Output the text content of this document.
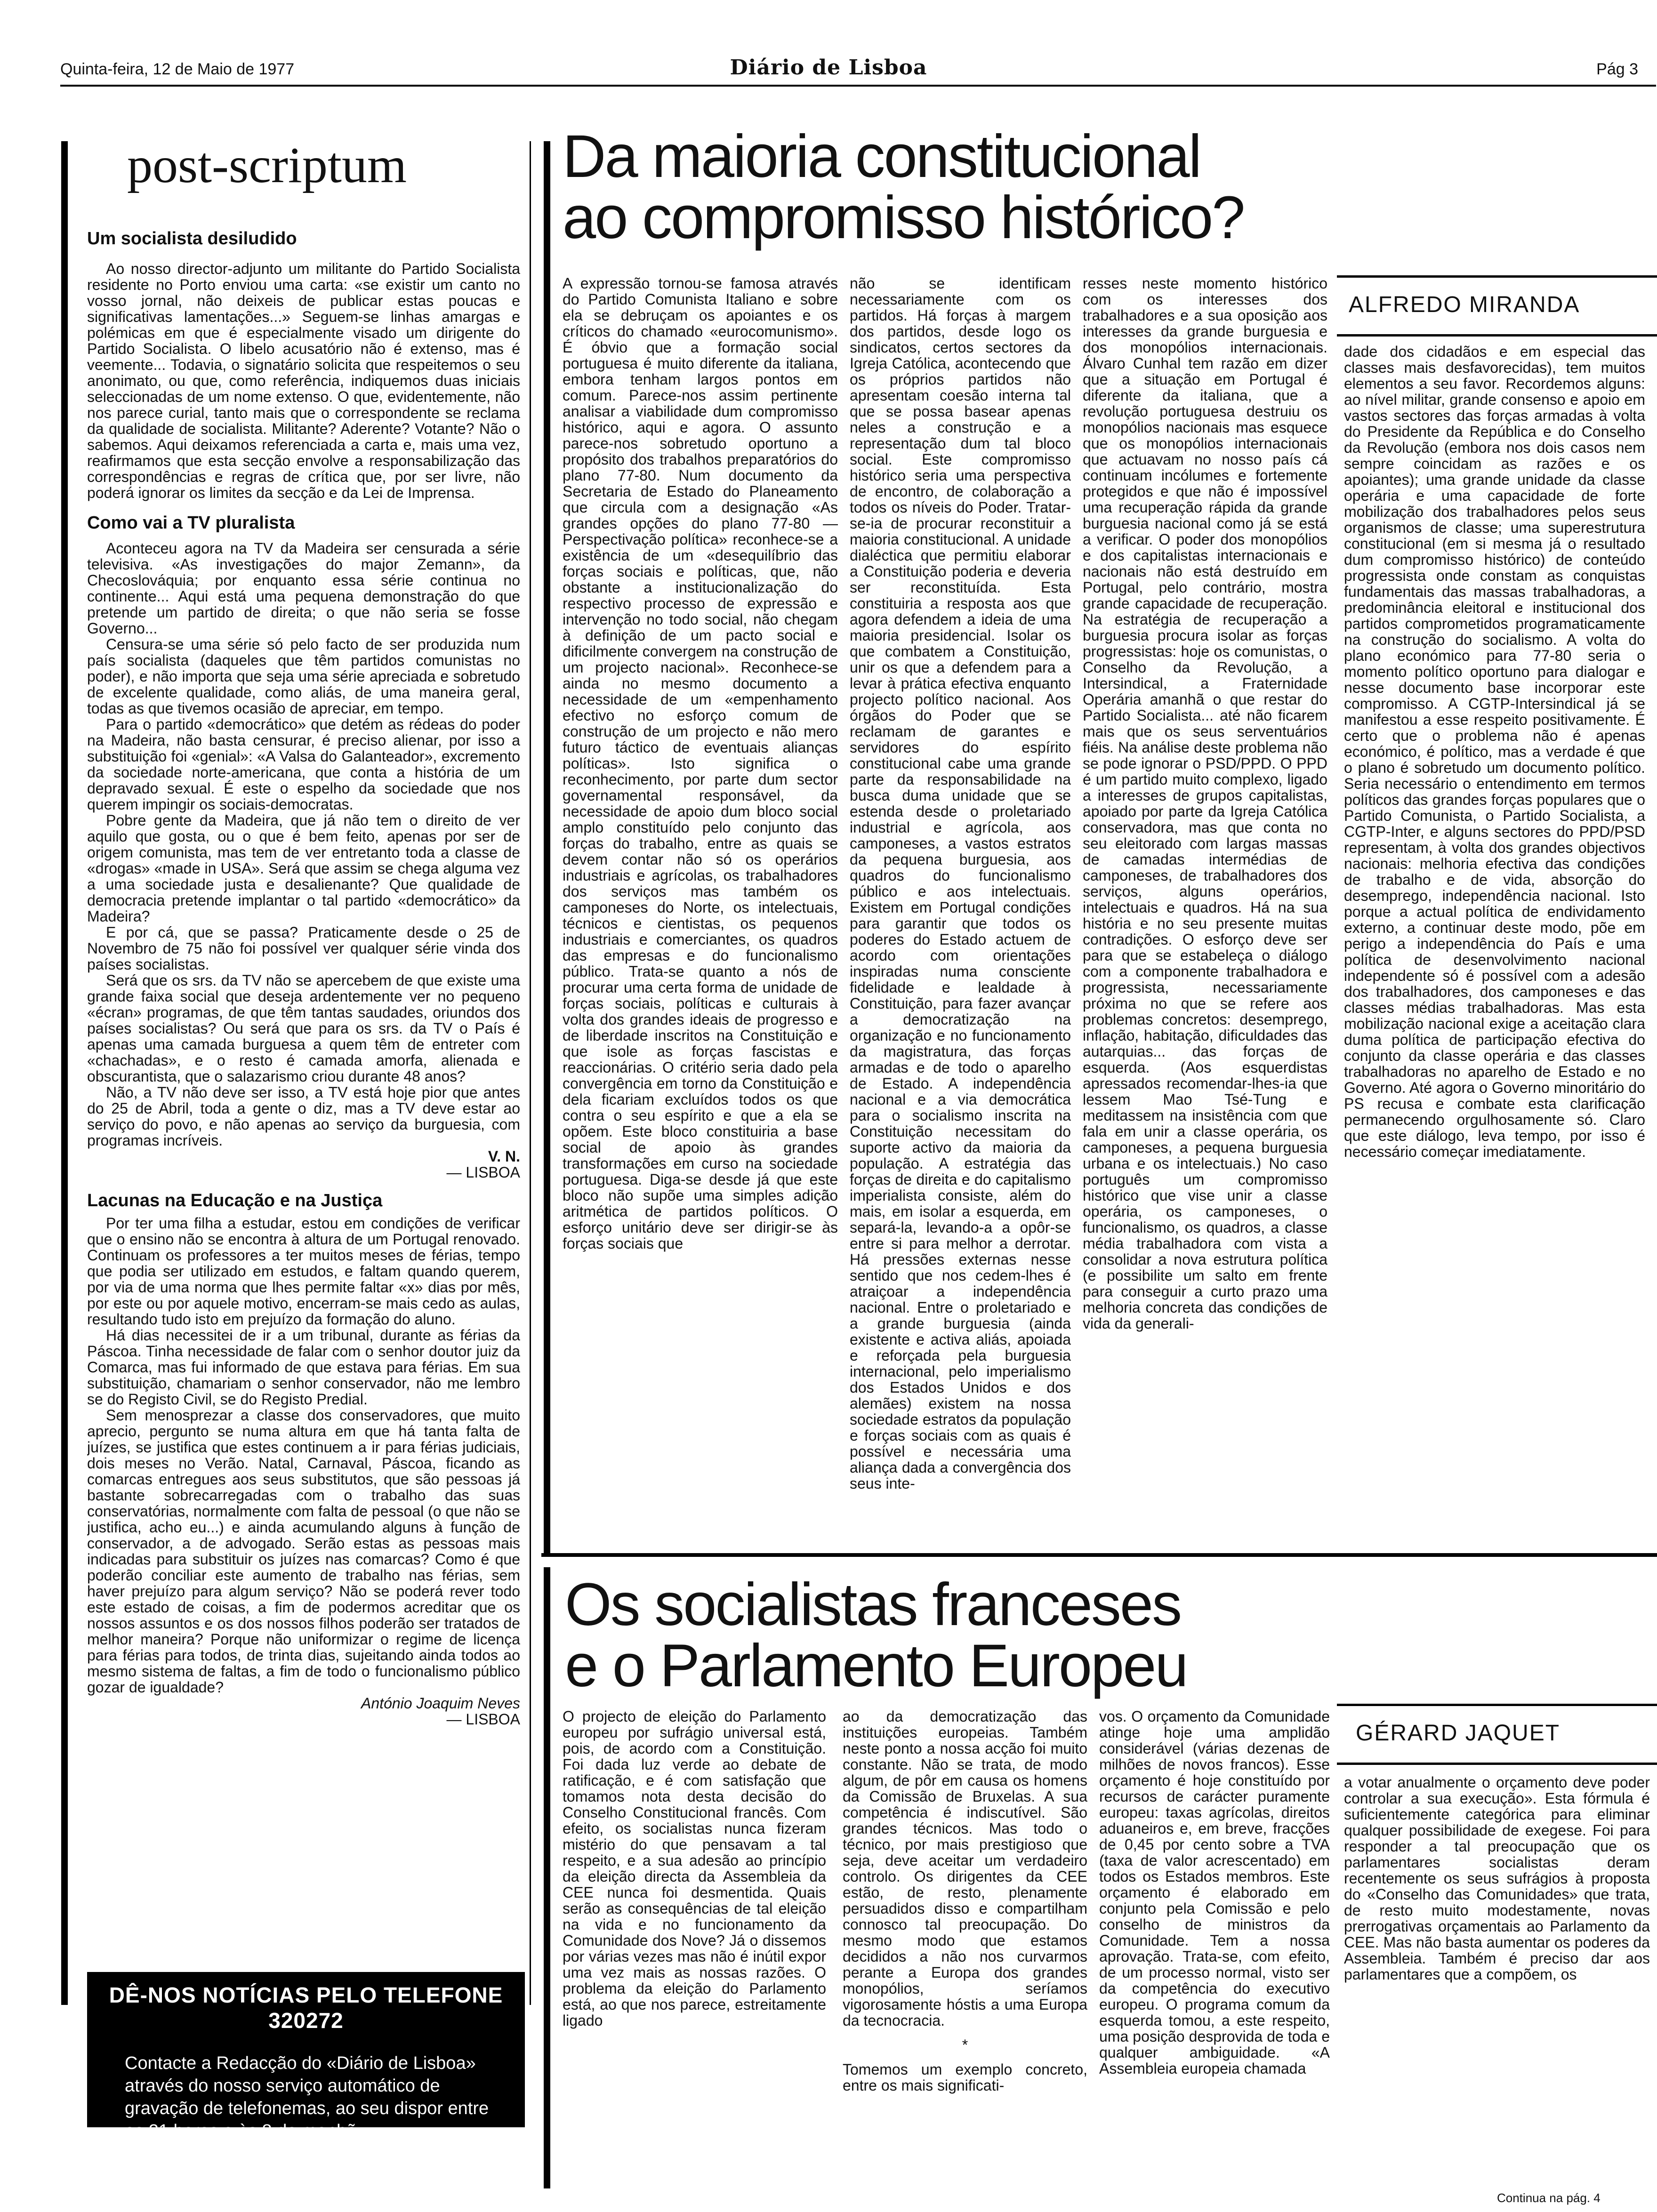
Quinta-feira, 12 de Maio de 1977	Diário de Lisboa	Pág 3
post-scriptum
Um socialista desiludido

Ao nosso director-adjunto um militante do Partido Socialista residente no Porto enviou uma carta: «se existir um canto no vosso jornal, não deixeis de publicar estas poucas e significativas lamentações...» Seguem-se linhas amargas e polémicas em que é especialmente visado um dirigente do Partido Socialista. O libelo acusatório não é extenso, mas é veemente... Todavia, o signatário solicita que respeitemos o seu anonimato, ou que, como referência, indiquemos duas iniciais seleccionadas de um nome extenso. O que, evidentemente, não nos parece curial, tanto mais que o correspondente se reclama da qualidade de socialista. Militante? Aderente? Votante? Não o sabemos. Aqui deixamos referenciada a carta e, mais uma vez, reafirmamos que esta secção envolve a responsabilização das correspondências e regras de crítica que, por ser livre, não poderá ignorar os limites da secção e da Lei de Imprensa.

Como vai a TV pluralista

Aconteceu agora na TV da Madeira ser censurada a série televisiva. «As investigações do major Zemann», da Checoslováquia; por enquanto essa série continua no continente... Aqui está uma pequena demonstração do que pretende um partido de direita; o que não seria se fosse Governo...

Censura-se uma série só pelo facto de ser produzida num país socialista (daqueles que têm partidos comunistas no poder), e não importa que seja uma série apreciada e sobretudo de excelente qualidade, como aliás, de uma maneira geral, todas as que tivemos ocasião de apreciar, em tempo.

Para o partido «democrático» que detém as rédeas do poder na Madeira, não basta censurar, é preciso alienar, por isso a substituição foi «genial»: «A Valsa do Galanteador», excremento da sociedade norte-americana, que conta a história de um depravado sexual. É este o espelho da sociedade que nos querem impingir os sociais-democratas.

Pobre gente da Madeira, que já não tem o direito de ver aquilo que gosta, ou o que é bem feito, apenas por ser de origem comunista, mas tem de ver entretanto toda a classe de «drogas» «made in USA». Será que assim se chega alguma vez a uma sociedade justa e desalienante? Que qualidade de democracia pretende implantar o tal partido «democrático» da Madeira?

E por cá, que se passa? Praticamente desde o 25 de Novembro de 75 não foi possível ver qualquer série vinda dos países socialistas.

Será que os srs. da TV não se apercebem de que existe uma grande faixa social que deseja ardentemente ver no pequeno «écran» programas, de que têm tantas saudades, oriundos dos países socialistas? Ou será que para os srs. da TV o País é apenas uma camada burguesa a quem têm de entreter com «chachadas», e o resto é camada amorfa, alienada e obscurantista, que o salazarismo criou durante 48 anos?

Não, a TV não deve ser isso, a TV está hoje pior que antes do 25 de Abril, toda a gente o diz, mas a TV deve estar ao serviço do povo, e não apenas ao serviço da burguesia, com programas incríveis.

V. N.
— LISBOA
Lacunas na Educação e na Justiça

Por ter uma filha a estudar, estou em condições de verificar que o ensino não se encontra à altura de um Portugal renovado. Continuam os professores a ter muitos meses de férias, tempo que podia ser utilizado em estudos, e faltam quando querem, por via de uma norma que lhes permite faltar «x» dias por mês, por este ou por aquele motivo, encerram-se mais cedo as aulas, resultando tudo isto em prejuízo da formação do aluno.

Há dias necessitei de ir a um tribunal, durante as férias da Páscoa. Tinha necessidade de falar com o senhor doutor juiz da Comarca, mas fui informado de que estava para férias. Em sua substituição, chamariam o senhor conservador, não me lembro se do Registo Civil, se do Registo Predial.

Sem menosprezar a classe dos conservadores, que muito aprecio, pergunto se numa altura em que há tanta falta de juízes, se justifica que estes continuem a ir para férias judiciais, dois meses no Verão. Natal, Carnaval, Páscoa, ficando as comarcas entregues aos seus substitutos, que são pessoas já bastante sobrecarregadas com o trabalho das suas conservatórias, normalmente com falta de pessoal (o que não se justifica, acho eu...) e ainda acumulando alguns à função de conservador, a de advogado. Serão estas as pessoas mais indicadas para substituir os juízes nas comarcas? Como é que poderão conciliar este aumento de trabalho nas férias, sem haver prejuízo para algum serviço? Não se poderá rever todo este estado de coisas, a fim de podermos acreditar que os nossos assuntos e os dos nossos filhos poderão ser tratados de melhor maneira? Porque não uniformizar o regime de licença para férias para todos, de trinta dias, sujeitando ainda todos ao mesmo sistema de faltas, a fim de todo o funcionalismo público gozar de igualdade?

António Joaquim Neves
— LISBOA
DÊ-NOS NOTÍCIAS PELO TELEFONE 320272
Contacte a Redacção do «Diário de Lisboa» através do nosso serviço automático de gravação de telefonemas, ao seu dispor entre as 21 horas e às 8 da manhã.
Da maioria constitucional
ao compromisso histórico?
ALFREDO MIRANDA
A expressão tornou-se famosa através do Partido Comunista Italiano e sobre ela se debruçam os apoiantes e os críticos do chamado «eurocomunismo». É óbvio que a formação social portuguesa é muito diferente da italiana, embora tenham largos pontos em comum. Parece-nos assim pertinente analisar a viabilidade dum compromisso histórico, aqui e agora. O assunto parece-nos sobretudo oportuno a propósito dos trabalhos preparatórios do plano 77-80. Num documento da Secretaria de Estado do Planeamento que circula com a designação «As grandes opções do plano 77-80 — Perspectivação política» reconhece-se a existência de um «desequilíbrio das forças sociais e políticas, que, não obstante a institucionalização do respectivo processo de expressão e intervenção no todo social, não chegam à definição de um pacto social e dificilmente convergem na construção de um projecto nacional». Reconhece-se ainda no mesmo documento a necessidade de um «empenhamento efectivo no esforço comum de construção de um projecto e não mero futuro táctico de eventuais alianças políticas». Isto significa o reconhecimento, por parte dum sector governamental responsável, da necessidade de apoio dum bloco social amplo constituído pelo conjunto das forças do trabalho, entre as quais se devem contar não só os operários industriais e agrícolas, os trabalhadores dos serviços mas também os camponeses do Norte, os intelectuais, técnicos e cientistas, os pequenos industriais e comerciantes, os quadros das empresas e do funcionalismo público. Trata-se quanto a nós de procurar uma certa forma de unidade de forças sociais, políticas e culturais à volta dos grandes ideais de progresso e de liberdade inscritos na Constituição e que isole as forças fascistas e reaccionárias. O critério seria dado pela convergência em torno da Constituição e dela ficariam excluídos todos os que contra o seu espírito e que a ela se opõem. Este bloco constituiria a base social de apoio às grandes transformações em curso na sociedade portuguesa. Diga-se desde já que este bloco não supõe uma simples adição aritmética de partidos políticos. O esforço unitário deve ser dirigir-se às forças sociais que
não se identificam necessariamente com os partidos. Há forças à margem dos partidos, desde logo os sindicatos, certos sectores da Igreja Católica, acontecendo que os próprios partidos não apresentam coesão interna tal que se possa basear apenas neles a construção e a representação dum tal bloco social. Este compromisso histórico seria uma perspectiva de encontro, de colaboração a todos os níveis do Poder. Tratar-se-ia de procurar reconstituir a maioria constitucional. A unidade dialéctica que permitiu elaborar a Constituição poderia e deveria ser reconstituída. Esta constituiria a resposta aos que agora defendem a ideia de uma maioria presidencial. Isolar os que combatem a Constituição, unir os que a defendem para a levar à prática efectiva enquanto projecto político nacional. Aos órgãos do Poder que se reclamam de garantes e servidores do espírito constitucional cabe uma grande parte da responsabilidade na busca duma unidade que se estenda desde o proletariado industrial e agrícola, aos camponeses, a vastos estratos da pequena burguesia, aos quadros do funcionalismo público e aos intelectuais. Existem em Portugal condições para garantir que todos os poderes do Estado actuem de acordo com orientações inspiradas numa consciente fidelidade e lealdade à Constituição, para fazer avançar a democratização na organização e no funcionamento da magistratura, das forças armadas e de todo o aparelho de Estado. A independência nacional e a via democrática para o socialismo inscrita na Constituição necessitam do suporte activo da maioria da população. A estratégia das forças de direita e do capitalismo imperialista consiste, além do mais, em isolar a esquerda, em separá-la, levando-a a opôr-se entre si para melhor a derrotar. Há pressões externas nesse sentido que nos cedem-lhes é atraiçoar a independência nacional. Entre o proletariado e a grande burguesia (ainda existente e activa aliás, apoiada e reforçada pela burguesia internacional, pelo imperialismo dos Estados Unidos e dos alemães) existem na nossa sociedade estratos da população e forças sociais com as quais é possível e necessária uma aliança dada a convergência dos seus inte-
resses neste momento histórico com os interesses dos trabalhadores e a sua oposição aos interesses da grande burguesia e dos monopólios internacionais. Álvaro Cunhal tem razão em dizer que a situação em Portugal é diferente da italiana, que a revolução portuguesa destruiu os monopólios nacionais mas esquece que os monopólios internacionais que actuavam no nosso país cá continuam incólumes e fortemente protegidos e que não é impossível uma recuperação rápida da grande burguesia nacional como já se está a verificar. O poder dos monopólios e dos capitalistas internacionais e nacionais não está destruído em Portugal, pelo contrário, mostra grande capacidade de recuperação. Na estratégia de recuperação a burguesia procura isolar as forças progressistas: hoje os comunistas, o Conselho da Revolução, a Intersindical, a Fraternidade Operária amanhã o que restar do Partido Socialista... até não ficarem mais que os seus serventuários fiéis. Na análise deste problema não se pode ignorar o PSD/PPD. O PPD é um partido muito complexo, ligado a interesses de grupos capitalistas, apoiado por parte da Igreja Católica conservadora, mas que conta no seu eleitorado com largas massas de camadas intermédias de camponeses, de trabalhadores dos serviços, alguns operários, intelectuais e quadros. Há na sua história e no seu presente muitas contradições. O esforço deve ser para que se estabeleça o diálogo com a componente trabalhadora e progressista, necessariamente próxima no que se refere aos problemas concretos: desemprego, inflação, habitação, dificuldades das autarquias... das forças de esquerda. (Aos esquerdistas apressados recomendar-lhes-ia que lessem Mao Tsé-Tung e meditassem na insistência com que fala em unir a classe operária, os camponeses, a pequena burguesia urbana e os intelectuais.) No caso português um compromisso histórico que vise unir a classe operária, os camponeses, o funcionalismo, os quadros, a classe média trabalhadora com vista a consolidar a nova estrutura política (e possibilite um salto em frente para conseguir a curto prazo uma melhoria concreta das condições de vida da generali-
dade dos cidadãos e em especial das classes mais desfavorecidas), tem muitos elementos a seu favor. Recordemos alguns: ao nível militar, grande consenso e apoio em vastos sectores das forças armadas à volta do Presidente da República e do Conselho da Revolução (embora nos dois casos nem sempre coincidam as razões e os apoiantes); uma grande unidade da classe operária e uma capacidade de forte mobilização dos trabalhadores pelos seus organismos de classe; uma superestrutura constitucional (em si mesma já o resultado dum compromisso histórico) de conteúdo progressista onde constam as conquistas fundamentais das massas trabalhadoras, a predominância eleitoral e institucional dos partidos comprometidos programaticamente na construção do socialismo. A volta do plano económico para 77-80 seria o momento político oportuno para dialogar e nesse documento base incorporar este compromisso. A CGTP-Intersindical já se manifestou a esse respeito positivamente. É certo que o problema não é apenas económico, é político, mas a verdade é que o plano é sobretudo um documento político. Seria necessário o entendimento em termos políticos das grandes forças populares que o Partido Comunista, o Partido Socialista, a CGTP-Inter, e alguns sectores do PPD/PSD representam, à volta dos grandes objectivos nacionais: melhoria efectiva das condições de trabalho e de vida, absorção do desemprego, independência nacional. Isto porque a actual política de endividamento externo, a continuar deste modo, põe em perigo a independência do País e uma política de desenvolvimento nacional independente só é possível com a adesão dos trabalhadores, dos camponeses e das classes médias trabalhadoras. Mas esta mobilização nacional exige a aceitação clara duma política de participação efectiva do conjunto da classe operária e das classes trabalhadoras no aparelho de Estado e no Governo. Até agora o Governo minoritário do PS recusa e combate esta clarificação permanecendo orgulhosamente só. Claro que este diálogo, leva tempo, por isso é necessário começar imediatamente.
Os socialistas franceses
e o Parlamento Europeu
GÉRARD JAQUET
O projecto de eleição do Parlamento europeu por sufrágio universal está, pois, de acordo com a Constituição. Foi dada luz verde ao debate de ratificação, e é com satisfação que tomamos nota desta decisão do Conselho Constitucional francês. Com efeito, os socialistas nunca fizeram mistério do que pensavam a tal respeito, e a sua adesão ao princípio da eleição directa da Assembleia da CEE nunca foi desmentida. Quais serão as consequências de tal eleição na vida e no funcionamento da Comunidade dos Nove? Já o dissemos por várias vezes mas não é inútil expor uma vez mais as nossas razões. O problema da eleição do Parlamento está, ao que nos parece, estreitamente ligado
ao da democratização das instituições europeias. Também neste ponto a nossa acção foi muito constante. Não se trata, de modo algum, de pôr em causa os homens da Comissão de Bruxelas. A sua competência é indiscutível. São grandes técnicos. Mas todo o técnico, por mais prestigioso que seja, deve aceitar um verdadeiro controlo. Os dirigentes da CEE estão, de resto, plenamente persuadidos disso e compartilham connosco tal preocupação. Do mesmo modo que estamos decididos a não nos curvarmos perante a Europa dos grandes monopólios, seríamos vigorosamente hóstis a uma Europa da tecnocracia.
*
Tomemos um exemplo concreto, entre os mais significati-
vos. O orçamento da Comunidade atinge hoje uma amplidão considerável (várias dezenas de milhões de novos francos). Esse orçamento é hoje constituído por recursos de carácter puramente europeu: taxas agrícolas, direitos aduaneiros e, em breve, fracções de 0,45 por cento sobre a TVA (taxa de valor acrescentado) em todos os Estados membros. Este orçamento é elaborado em conjunto pela Comissão e pelo conselho de ministros da Comunidade. Tem a nossa aprovação. Trata-se, com efeito, de um processo normal, visto ser da competência do executivo europeu. O programa comum da esquerda tomou, a este respeito, uma posição desprovida de toda e qualquer ambiguidade. «A Assembleia europeia chamada
a votar anualmente o orçamento deve poder controlar a sua execução». Esta fórmula é suficientemente categórica para eliminar qualquer possibilidade de exegese. Foi para responder a tal preocupação que os parlamentares socialistas deram recentemente os seus sufrágios à proposta do «Conselho das Comunidades» que trata, de resto muito modestamente, novas prerrogativas orçamentais ao Parlamento da CEE. Mas não basta aumentar os poderes da Assembleia. Também é preciso dar aos parlamentares que a compõem, os
Continua na pág. 4
